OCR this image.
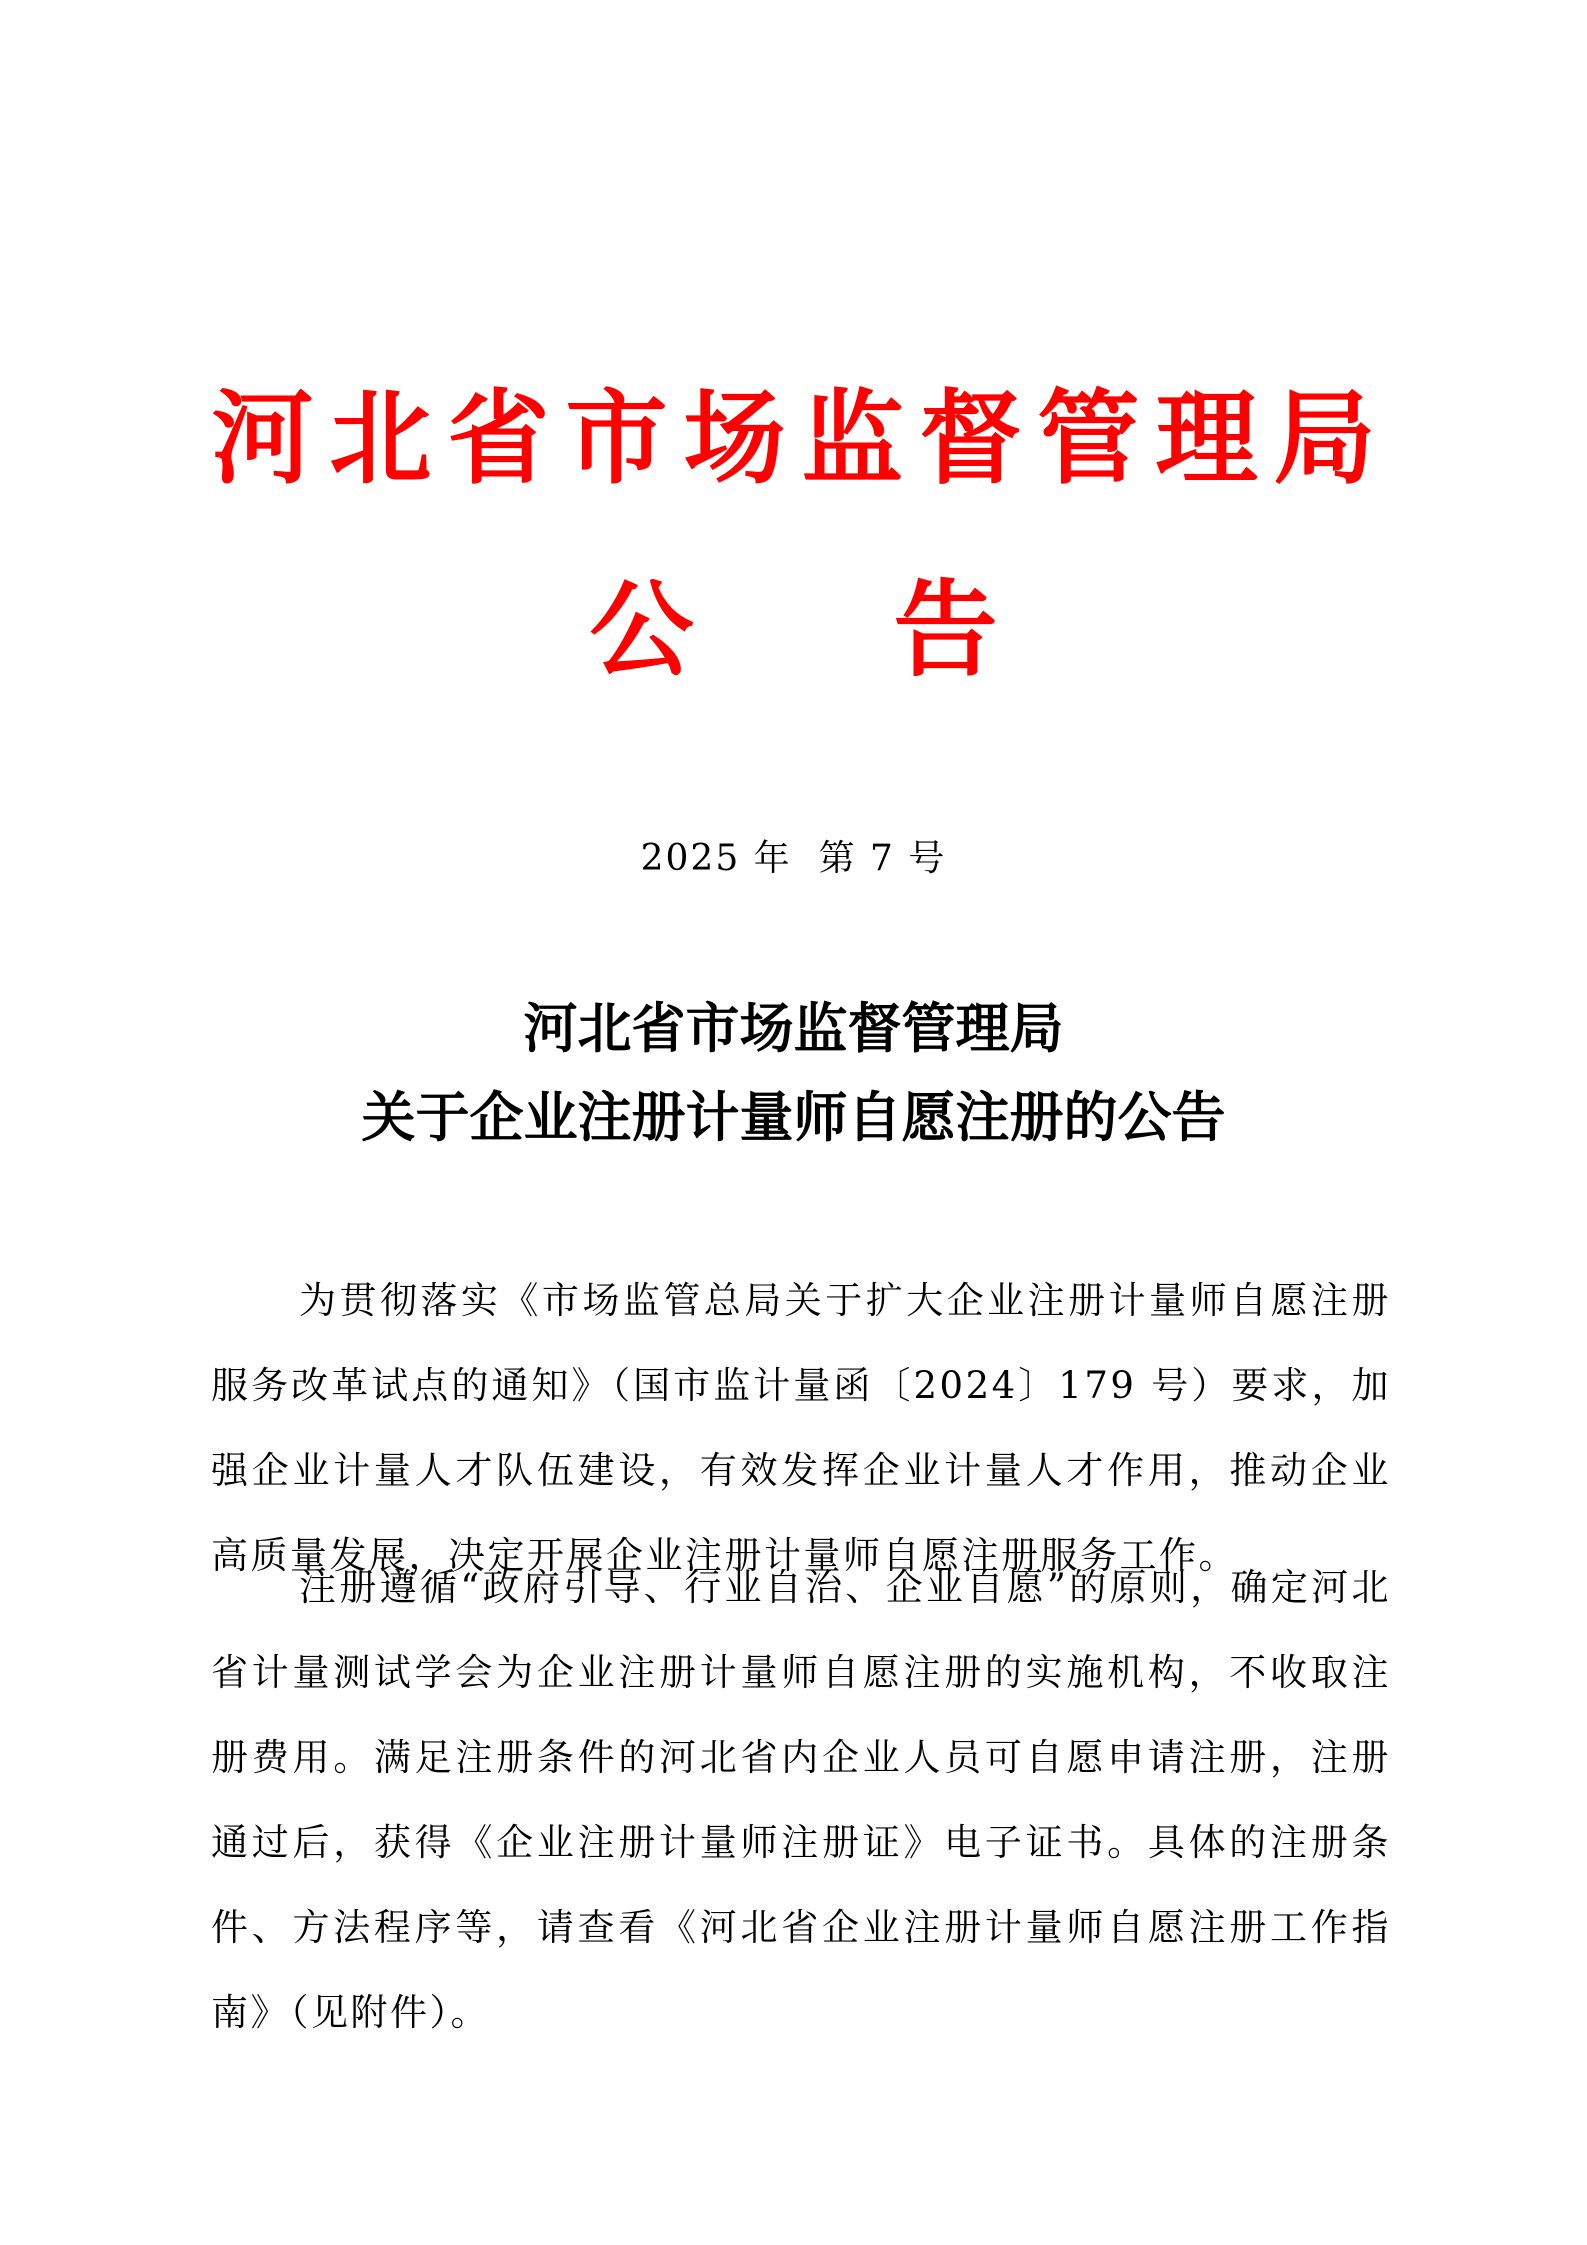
河北省市场监督管理局
公告
2025 年  第 7 号
河北省市场监督管理局
关于企业注册计量师自愿注册的公告

为贯彻落实《市场监管总局关于扩大企业注册计量师自愿注册服务改革试点的通知》（国市监计量函〔2024〕179 号）要求，加强企业计量人才队伍建设，有效发挥企业计量人才作用，推动企业高质量发展，决定开展企业注册计量师自愿注册服务工作。

注册遵循“政府引导、行业自治、企业自愿”的原则，确定河北省计量测试学会为企业注册计量师自愿注册的实施机构，不收取注册费用。满足注册条件的河北省内企业人员可自愿申请注册，注册通过后，获得《企业注册计量师注册证》电子证书。具体的注册条件、方法程序等，请查看《河北省企业注册计量师自愿注册工作指南》（见附件）。
